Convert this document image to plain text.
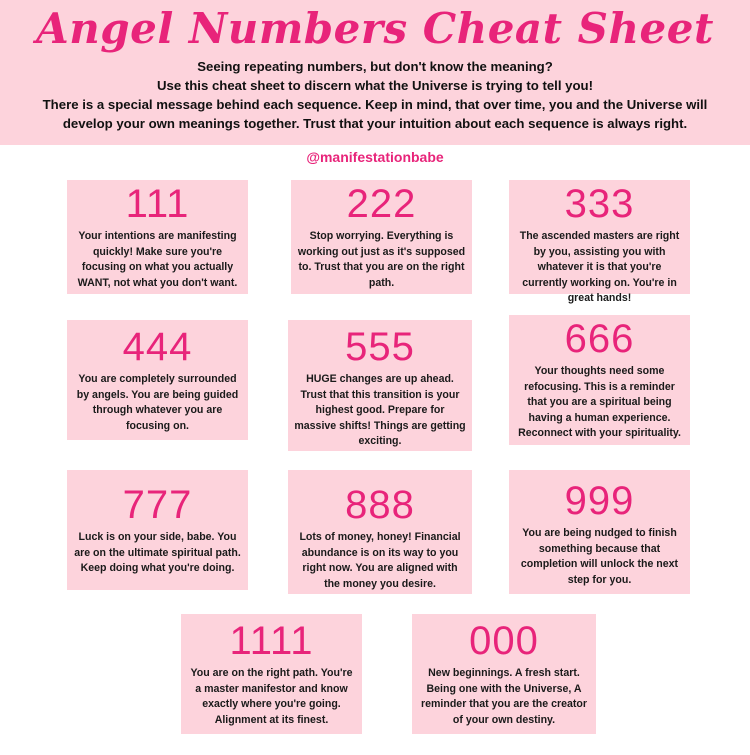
Angel Numbers Cheat Sheet
Seeing repeating numbers, but don't know the meaning?
Use this cheat sheet to discern what the Universe is trying to tell you!
There is a special message behind each sequence. Keep in mind, that over time, you and the Universe will
develop your own meanings together. Trust that your intuition about each sequence is always right.
@manifestationbabe
111
Your intentions are manifesting quickly! Make sure you're focusing on what you actually WANT, not what you don't want.
222
Stop worrying. Everything is working out just as it's supposed to. Trust that you are on the right path.
333
The ascended masters are right by you, assisting you with whatever it is that you're currently working on. You're in great hands!
444
You are completely surrounded by angels. You are being guided through whatever you are focusing on.
555
HUGE changes are up ahead. Trust that this transition is your highest good. Prepare for massive shifts! Things are getting exciting.
666
Your thoughts need some refocusing. This is a reminder that you are a spiritual being having a human experience. Reconnect with your spirituality.
777
Luck is on your side, babe. You are on the ultimate spiritual path. Keep doing what you're doing.
888
Lots of money, honey! Financial abundance is on its way to you right now. You are aligned with the money you desire.
999
You are being nudged to finish something because that completion will unlock the next step for you.
1111
You are on the right path. You're a master manifestor and know exactly where you're going. Alignment at its finest.
000
New beginnings. A fresh start. Being one with the Universe, A reminder that you are the creator of your own destiny.
